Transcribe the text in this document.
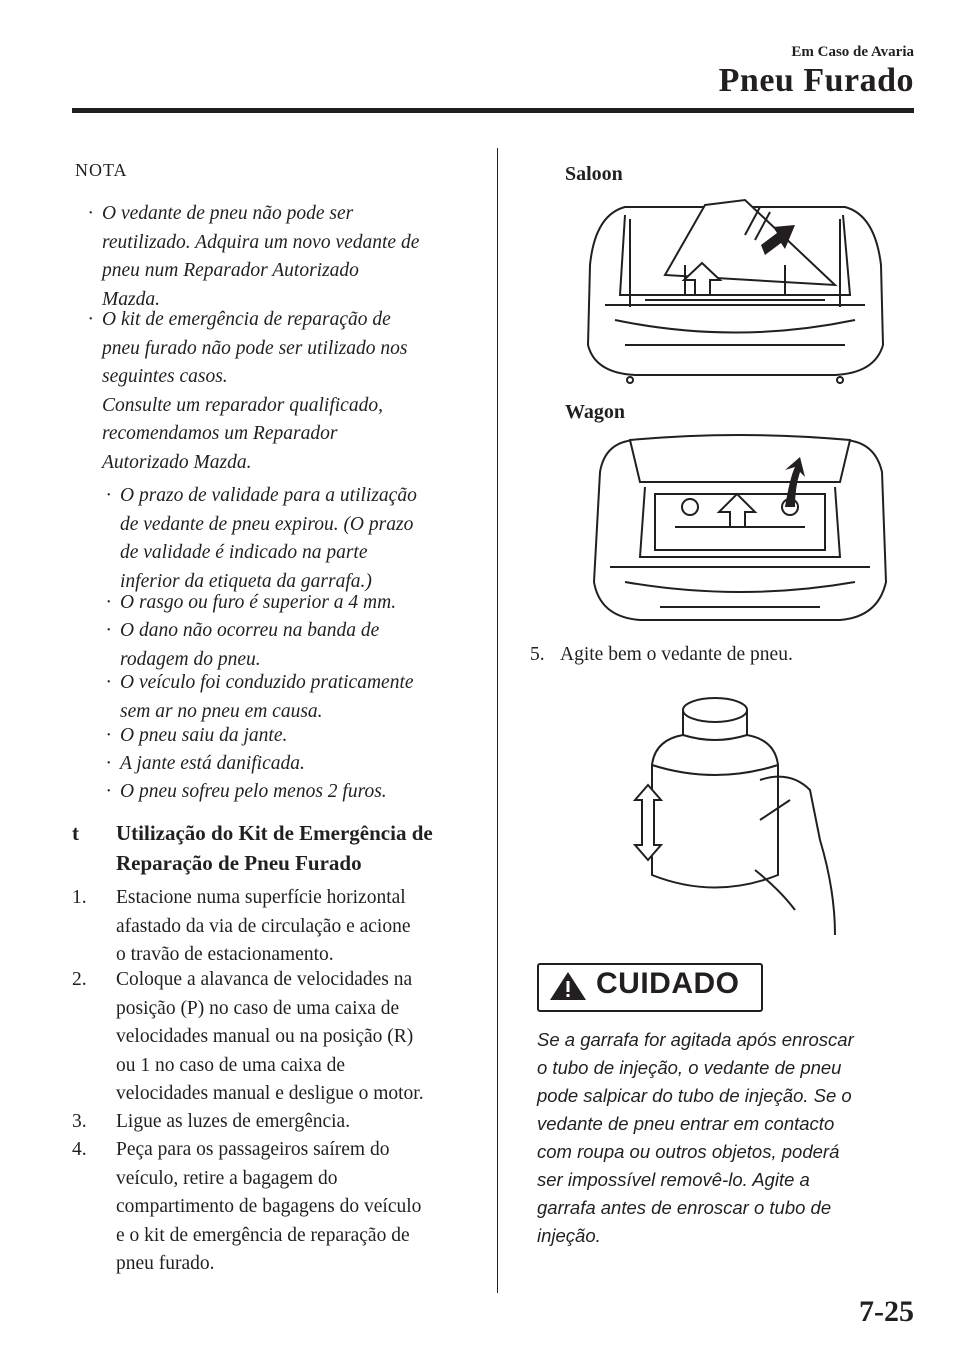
Em Caso de Avaria
Pneu Furado
NOTA
· O vedante de pneu não pode ser
reutilizado. Adquira um novo vedante de
pneu num Reparador Autorizado
Mazda.
· O kit de emergência de reparação de
pneu furado não pode ser utilizado nos
seguintes casos.
Consulte um reparador qualificado,
recomendamos um Reparador
Autorizado Mazda.
· O prazo de validade para a utilização
de vedante de pneu expirou. (O prazo
de validade é indicado na parte
inferior da etiqueta da garrafa.)
· O rasgo ou furo é superior a 4 mm.
· O dano não ocorreu na banda de
rodagem do pneu.
· O veículo foi conduzido praticamente
sem ar no pneu em causa.
· O pneu saiu da jante.
· A jante está danificada.
· O pneu sofreu pelo menos 2 furos.
t Utilização do Kit de Emergência de
Reparação de Pneu Furado
1. Estacione numa superfície horizontal
afastado da via de circulação e acione
o travão de estacionamento.
2. Coloque a alavanca de velocidades na
posição (P) no caso de uma caixa de
velocidades manual ou na posição (R)
ou 1 no caso de uma caixa de
velocidades manual e desligue o motor.
3. Ligue as luzes de emergência.
4. Peça para os passageiros saírem do
veículo, retire a bagagem do
compartimento de bagagens do veículo
e o kit de emergência de reparação de
pneu furado.
Saloon
Wagon
5. Agite bem o vedante de pneu.
CUIDADO
Se a garrafa for agitada após enroscar
o tubo de injeção, o vedante de pneu
pode salpicar do tubo de injeção. Se o
vedante de pneu entrar em contacto
com roupa ou outros objetos, poderá
ser impossível removê-lo. Agite a
garrafa antes de enroscar o tubo de
injeção.
7-25
